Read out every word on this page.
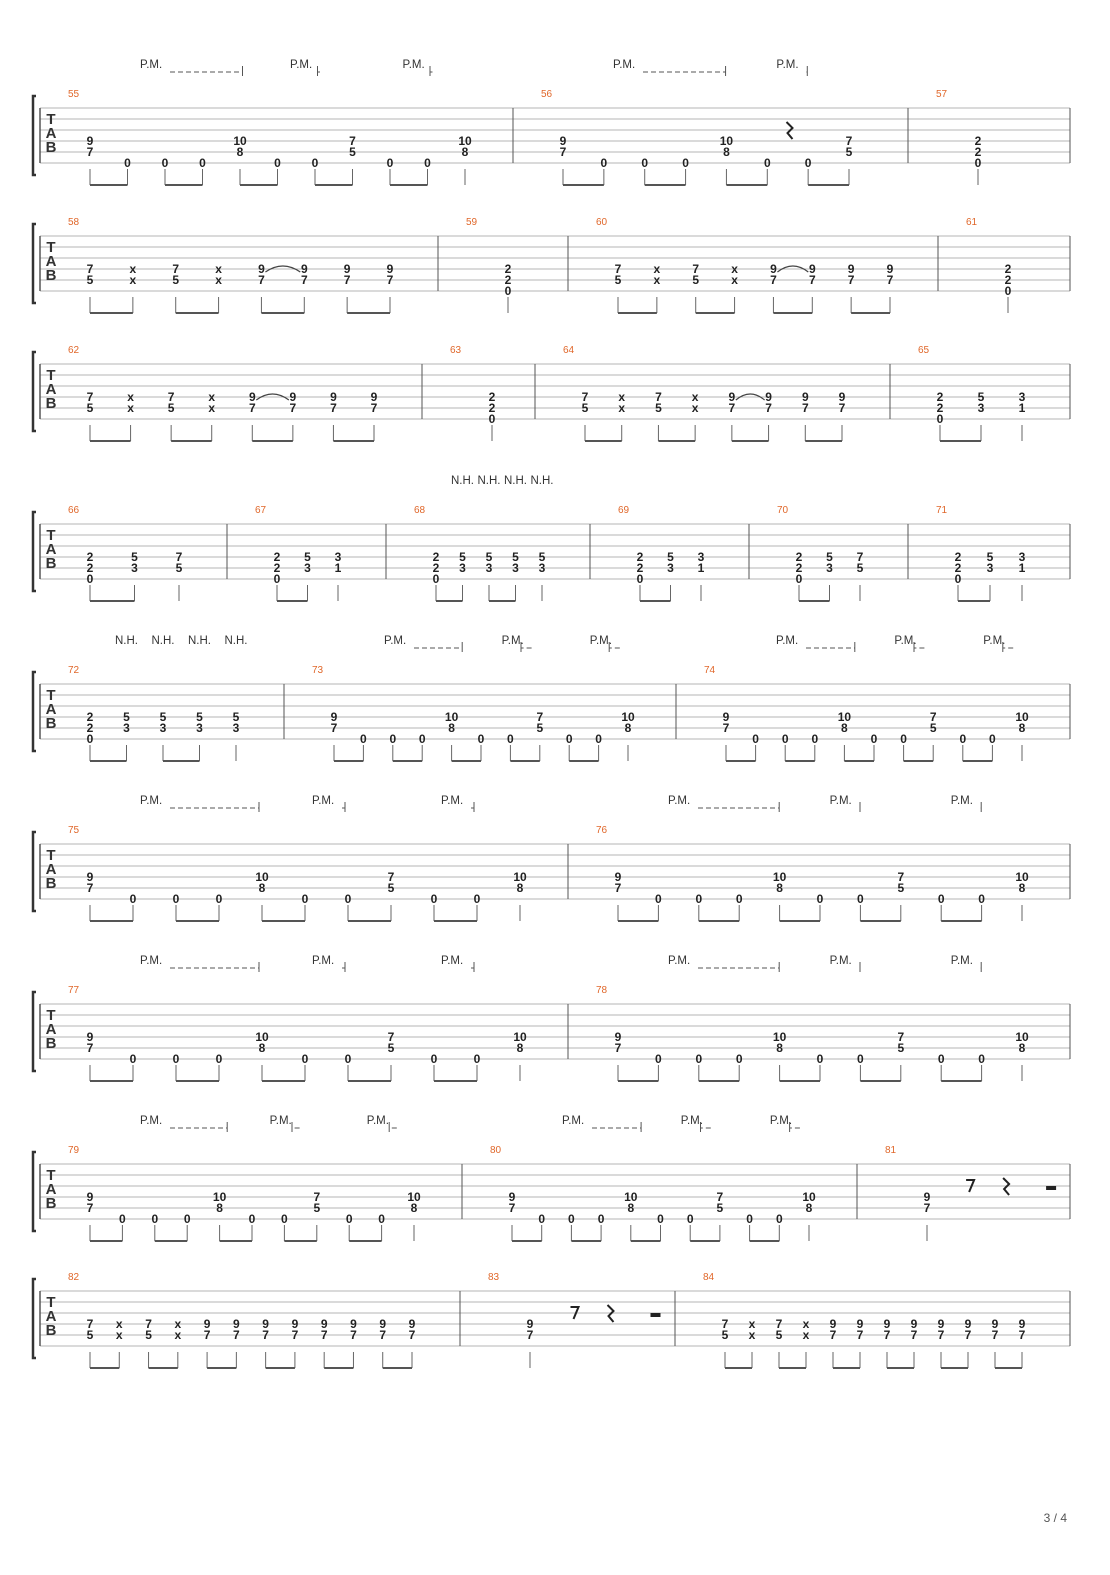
T
A
B
55
9
7
0	0	0
10
8
0	0
7
5
0	0
10
8
P.M.	P.M.	P.M.
56
9
7
0	0	0
10
8
0	0
7
5
P.M.	P.M.
57
2
2
0
T
A
B
58
7
5
x
x
7
5
x
x
9
7
9
7
9
7
9
7
59
2
2
0
60
7
5
x
x
7
5
x
x
9
7
9
7
9
7
9
7
61
2
2
0
T
A
B
62
7
5
x
x
7
5
x
x
9
7
9
7
9
7
9
7
63
2
2
0
64
7
5
x
x
7
5
x
x
9
7
9
7
9
7
9
7
65
2
2
0
5
3
3
1
T
A
B
66
2
2
0
5
3
7
5
67
2
2
0
5
3
3
1
68
2
2
0
5
3
5
3
5
3
5
3
N.H. N.H. N.H. N.H.
69
2
2
0
5
3
3
1
70
2
2
0
5
3
7
5
71
2
2
0
5
3
3
1
T
A
B
72
2
2
0
5
3
5
3
5
3
5
3
N.H. N.H. N.H. N.H.
73
9
7
0 0 0
10
8
0 0
7
5
0 0
10
8
P.M.	P.M.	P.M.
74
9
7
0 0 0
10
8
0 0
7
5
0 0
10
8
P.M.	P.M.	P.M.
T
A
B
75
9
7
0	0	0
10
8
0	0
7
5
0	0
10
8
P.M.	P.M.	P.M.
76
9
7
0	0	0
10
8
0	0
7
5
0	0
10
8
P.M.	P.M.	P.M.
T
A
B
77
9
7
0	0	0
10
8
0	0
7
5
0	0
10
8
P.M.	P.M.	P.M.
78
9
7
0	0	0
10
8
0	0
7
5
0	0
10
8
P.M.	P.M.	P.M.
T
A
B
79
9
7
0 0 0
10
8
0 0
7
5
0 0
10
8
P.M.	P.M.	P.M.
80
9
7
0 0 0
10
8
0 0
7
5
0 0
10
8
P.M.	P.M.	P.M.
81
9
7
T
A
B
82
7
5
x
x
7
5
x
x
9
7
9
7
9
7
9
7
9
7
9
7
9
7
9
7
83
9
7
84
7
5
x
x
7
5
x
x
9
7
9
7
9
7
9
7
9
7
9
7
9
7
9
7
3 / 4
